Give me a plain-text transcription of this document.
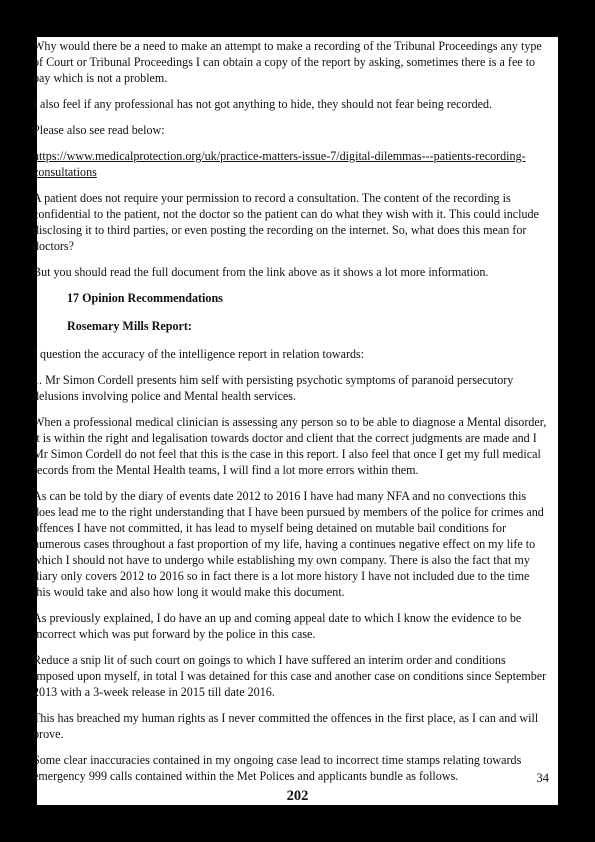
Why would there be a need to make an attempt to make a recording of the Tribunal Proceedings any type of Court or Tribunal Proceedings I can obtain a copy of the report by asking, sometimes there is a fee to pay which is not a problem.

I also feel if any professional has not got anything to hide, they should not fear being recorded.

Please also see read below:

https://www.medicalprotection.org/uk/practice-matters-issue-7/digital-dilemmas---patients-recording-consultations

A patient does not require your permission to record a consultation. The content of the recording is confidential to the patient, not the doctor so the patient can do what they wish with it. This could include disclosing it to third parties, or even posting the recording on the internet. So, what does this mean for doctors?

But you should read the full document from the link above as it shows a lot more information.

17 Opinion Recommendations

Rosemary Mills Report:

I question the accuracy of the intelligence report in relation towards:

1. Mr Simon Cordell presents him self with persisting psychotic symptoms of paranoid persecutory delusions involving police and Mental health services.

When a professional medical clinician is assessing any person so to be able to diagnose a Mental disorder, it is within the right and legalisation towards doctor and client that the correct judgments are made and I Mr Simon Cordell do not feel that this is the case in this report. I also feel that once I get my full medical records from the Mental Health teams, I will find a lot more errors within them.

As can be told by the diary of events date 2012 to 2016 I have had many NFA and no convections this does lead me to the right understanding that I have been pursued by members of the police for crimes and offences I have not committed, it has lead to myself being detained on mutable bail conditions for numerous cases throughout a fast proportion of my life, having a continues negative effect on my life to which I should not have to undergo while establishing my own company. There is also the fact that my diary only covers 2012 to 2016 so in fact there is a lot more history I have not included due to the time this would take and also how long it would make this document.

As previously explained, I do have an up and coming appeal date to which I know the evidence to be incorrect which was put forward by the police in this case.

Reduce a snip lit of such court on goings to which I have suffered an interim order and conditions imposed upon myself, in total I was detained for this case and another case on conditions since September 2013 with a 3-week release in 2015 till date 2016.

This has breached my human rights as I never committed the offences in the first place, as I can and will prove.

Some clear inaccuracies contained in my ongoing case lead to incorrect time stamps relating towards emergency 999 calls contained within the Met Polices and applicants bundle as follows.	34
202
